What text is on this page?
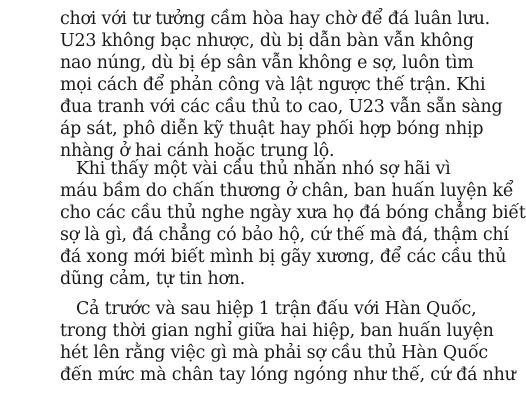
chơi với tư tưởng cầm hòa hay chờ để đá luân lưu.
U23 không bạc nhược, dù bị dẫn bàn vẫn không
nao núng, dù bị ép sân vẫn không e sợ, luôn tìm
mọi cách để phản công và lật ngược thế trận. Khi
đua tranh với các cầu thủ to cao, U23 vẫn sẵn sàng
áp sát, phô diễn kỹ thuật hay phối hợp bóng nhịp
nhàng ở hai cánh hoặc trung lộ.
Khi thấy một vài cầu thủ nhăn nhó sợ hãi vì
máu bầm do chấn thương ở chân, ban huấn luyện kể
cho các cầu thủ nghe ngày xưa họ đá bóng chẳng biết
sợ là gì, đá chẳng có bảo hộ, cứ thế mà đá, thậm chí
đá xong mới biết mình bị gãy xương, để các cầu thủ
dũng cảm, tự tin hơn.
Cả trước và sau hiệp 1 trận đấu với Hàn Quốc,
trong thời gian nghỉ giữa hai hiệp, ban huấn luyện
hét lên rằng việc gì mà phải sợ cầu thủ Hàn Quốc
đến mức mà chân tay lóng ngóng như thế, cứ đá như
